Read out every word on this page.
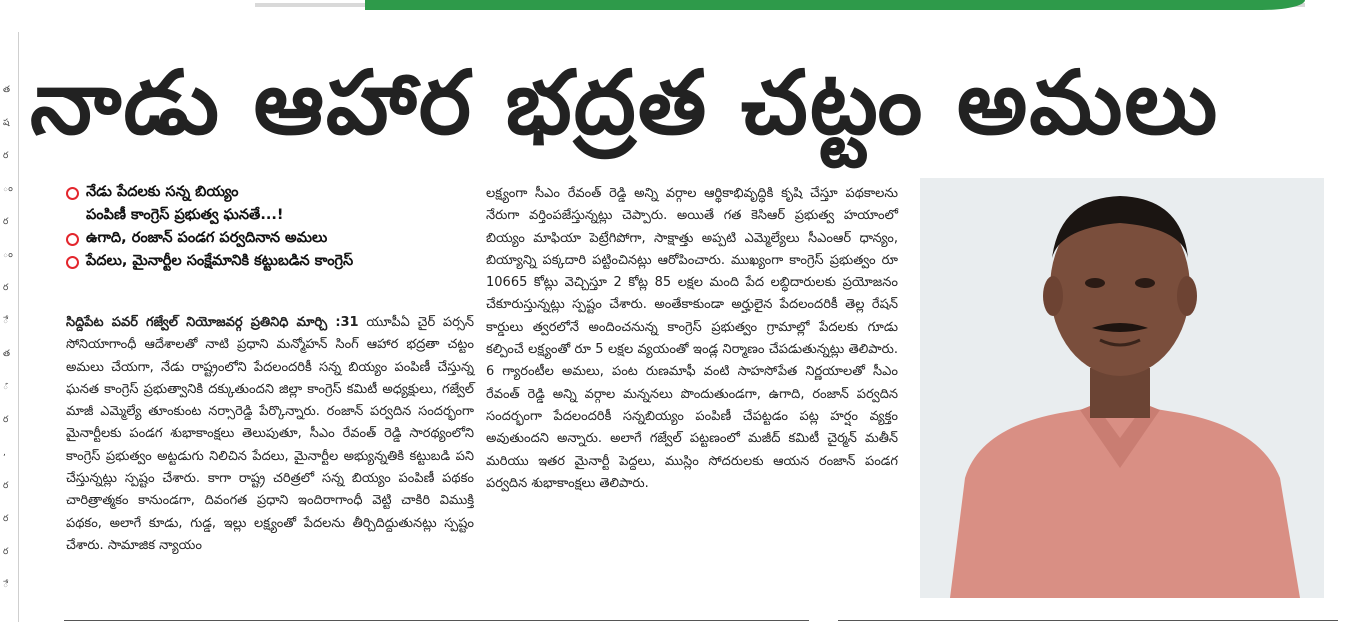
త
ష
ర
ం
ర
ం
ర
ే
త
ౕ
ర
,
ర
ర
ర
ే
నాడు ఆహార భద్రత చట్టం అమలు
నేడు పేదలకు సన్న బియ్యం
పంపిణీ కాంగ్రెస్ ప్రభుత్వ ఘనతే...!
ఉగాది, రంజాన్ పండగ పర్వదినాన అమలు
పేదలు, మైనార్టీల సంక్షేమానికి కట్టుబడిన కాంగ్రెస్

సిద్దిపేట పవర్ గజ్వేల్ నియోజవర్గ ప్రతినిధి మార్చి :31 యూపీఏ చైర్ పర్సన్ సోనియాగాంధీ ఆదేశాలతో నాటి ప్రధాని మన్మోహన్ సింగ్ ఆహార భద్రతా చట్టం అమలు చేయగా, నేడు రాష్ట్రంలోని పేదలందరికీ సన్న బియ్యం పంపిణీ చేస్తున్న ఘనత కాంగ్రెస్ ప్రభుత్వానికి దక్కుతుందని జిల్లా కాంగ్రెస్ కమిటీ అధ్యక్షులు, గజ్వేల్ మాజీ ఎమ్మెల్యే తూంకుంట నర్సారెడ్డి పేర్కొన్నారు. రంజాన్ పర్వదిన సందర్భంగా మైనార్టీలకు పండగ శుభాకాంక్షలు తెలుపుతూ, సీఎం రేవంత్ రెడ్డి సారథ్యంలోని కాంగ్రెస్ ప్రభుత్వం అట్టడుగు నిలిచిన పేదలు, మైనార్టీల అభ్యున్నతికి కట్టుబడి పని చేస్తున్నట్లు స్పష్టం చేశారు. కాగా రాష్ట్ర చరిత్రలో సన్న బియ్యం పంపిణీ పథకం చారిత్రాత్మకం కానుండగా, దివంగత ప్రధాని ఇందిరాగాంధీ వెట్టి చాకిరి విముక్తి పథకం, అలాగే కూడు, గుడ్డ, ఇల్లు లక్ష్యంతో పేదలను తీర్చిదిద్దుతునట్లు స్పష్టం చేశారు. సామాజిక న్యాయం

లక్ష్యంగా సీఎం రేవంత్ రెడ్డి అన్ని వర్గాల ఆర్థికాభివృద్ధికి కృషి చేస్తూ పథకాలను నేరుగా వర్తింపజేస్తున్నట్లు చెప్పారు. అయితే గత కెసిఆర్ ప్రభుత్వ హయాంలో బియ్యం మాఫియా పెట్రేగిపోగా, సాక్షాత్తు అప్పటి ఎమ్మెల్యేలు సీఎంఆర్ ధాన్యం, బియ్యాన్ని పక్కదారి పట్టించినట్లు ఆరోపించారు. ముఖ్యంగా కాంగ్రెస్ ప్రభుత్వం రూ 10665 కోట్లు వెచ్చిస్తూ 2 కోట్ల 85 లక్షల మంది పేద లబ్ధిదారులకు ప్రయోజనం చేకూరుస్తున్నట్లు స్పష్టం చేశారు. అంతేకాకుండా అర్హులైన పేదలందరికీ తెల్ల రేషన్ కార్డులు త్వరలోనే అందించనున్న కాంగ్రెస్ ప్రభుత్వం గ్రామాల్లో పేదలకు గూడు కల్పించే లక్ష్యంతో రూ 5 లక్షల వ్యయంతో ఇండ్ల నిర్మాణం చేపడుతున్నట్లు తెలిపారు. 6 గ్యారంటీల అమలు, పంట రుణమాఫీ వంటి సాహసోపేత నిర్ణయాలతో సీఎం రేవంత్ రెడ్డి అన్ని వర్గాల మన్ననలు పొందుతుండగా, ఉగాది, రంజాన్ పర్వదిన సందర్భంగా పేదలందరికీ సన్నబియ్యం పంపిణీ చేపట్టడం పట్ల హర్షం వ్యక్తం అవుతుందని అన్నారు. అలాగే గజ్వేల్ పట్టణంలో మజీద్ కమిటీ చైర్మన్ మతీన్ మరియు ఇతర మైనార్టీ పెద్దలు, ముస్లిం సోదరులకు ఆయన రంజాన్ పండగ పర్వదిన శుభాకాంక్షలు తెలిపారు.
